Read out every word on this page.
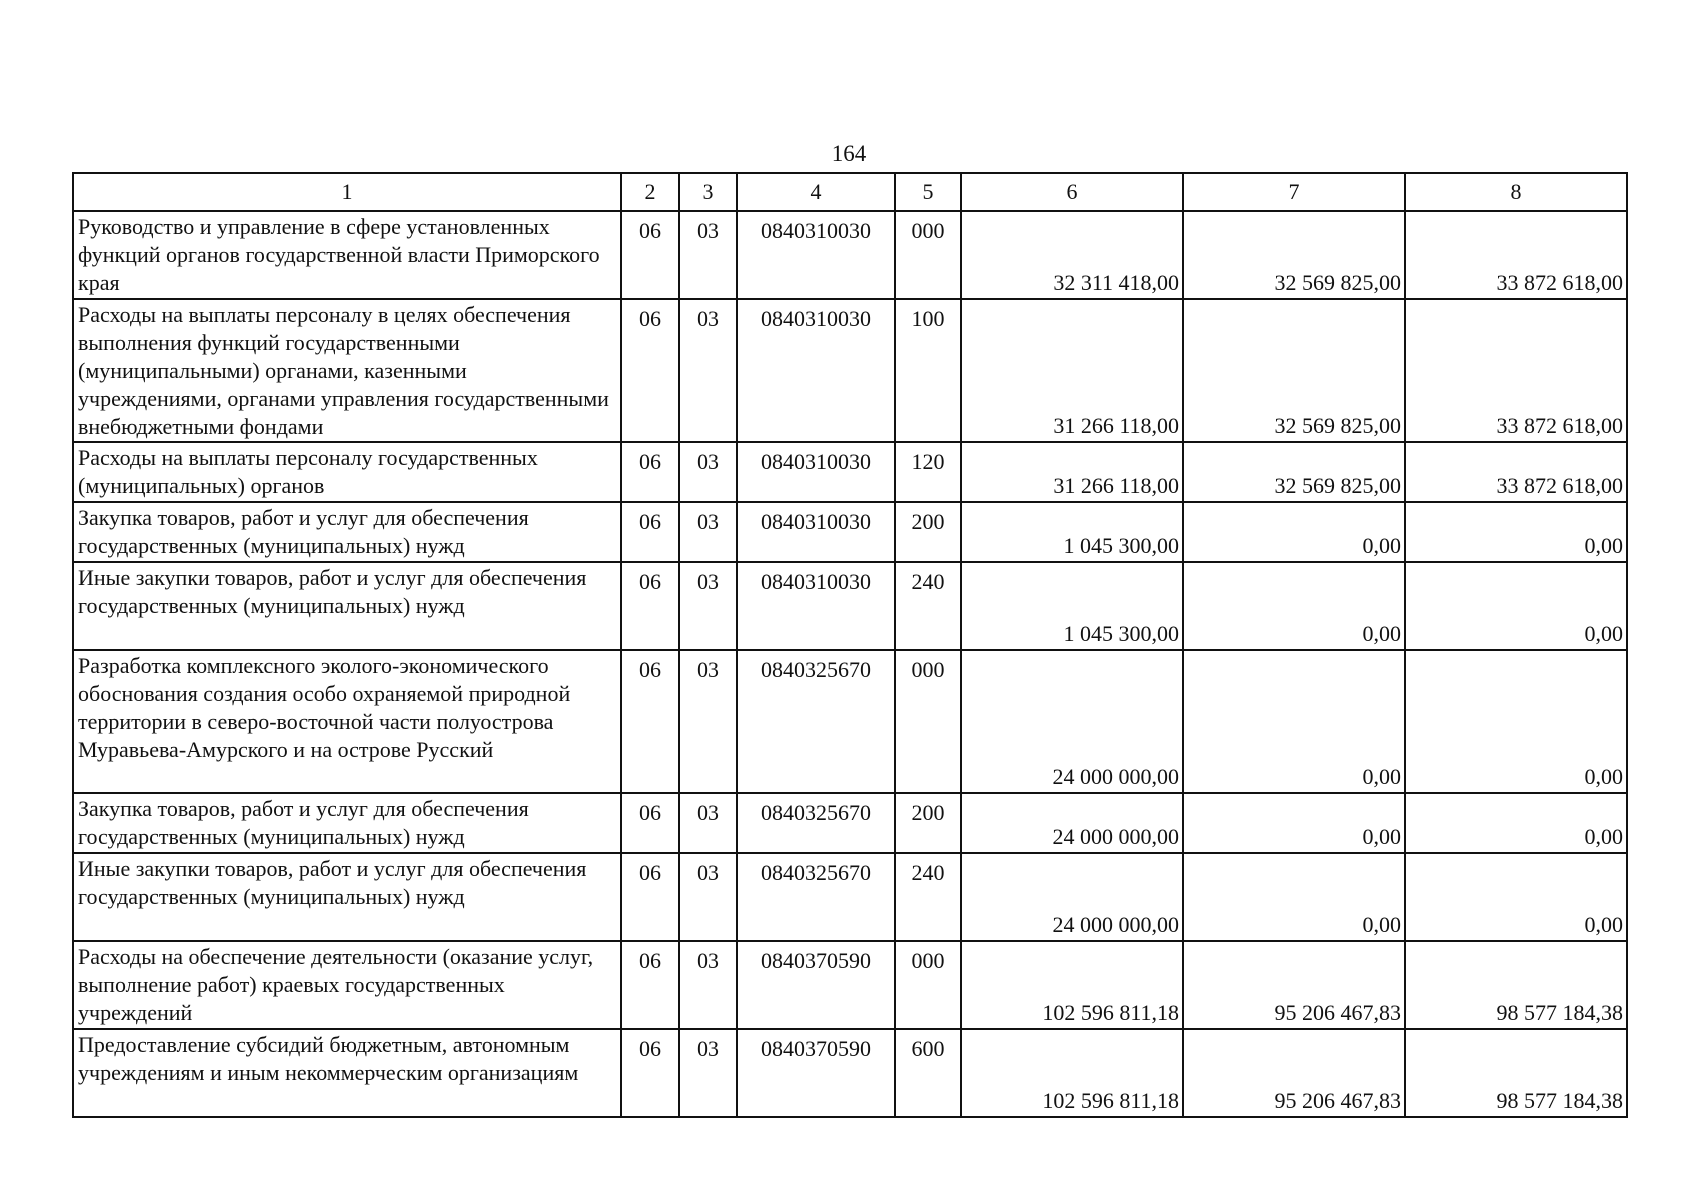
164
1	2	3	4	5	6	7	8
Руководство и управление в сфере установленных функций органов государственной власти Приморского края	06	03	0840310030	000	32 311 418,00	32 569 825,00	33 872 618,00
Расходы на выплаты персоналу в целях обеспечения выполнения функций государственными (муниципальными) органами, казенными учреждениями, органами управления государственными внебюджетными фондами	06	03	0840310030	100	31 266 118,00	32 569 825,00	33 872 618,00
Расходы на выплаты персоналу государственных (муниципальных) органов	06	03	0840310030	120	31 266 118,00	32 569 825,00	33 872 618,00
Закупка товаров, работ и услуг для обеспечения государственных (муниципальных) нужд	06	03	0840310030	200	1 045 300,00	0,00	0,00
Иные закупки товаров, работ и услуг для обеспечения государственных (муниципальных) нужд	06	03	0840310030	240	1 045 300,00	0,00	0,00
Разработка комплексного эколого-экономического обоснования создания особо охраняемой природной территории в северо-восточной части полуострова Муравьева-Амурского и на острове Русский	06	03	0840325670	000	24 000 000,00	0,00	0,00
Закупка товаров, работ и услуг для обеспечения государственных (муниципальных) нужд	06	03	0840325670	200	24 000 000,00	0,00	0,00
Иные закупки товаров, работ и услуг для обеспечения государственных (муниципальных) нужд	06	03	0840325670	240	24 000 000,00	0,00	0,00
Расходы на обеспечение деятельности (оказание услуг, выполнение работ) краевых государственных учреждений	06	03	0840370590	000	102 596 811,18	95 206 467,83	98 577 184,38
Предоставление субсидий бюджетным, автономным учреждениям и иным некоммерческим организациям	06	03	0840370590	600	102 596 811,18	95 206 467,83	98 577 184,38
